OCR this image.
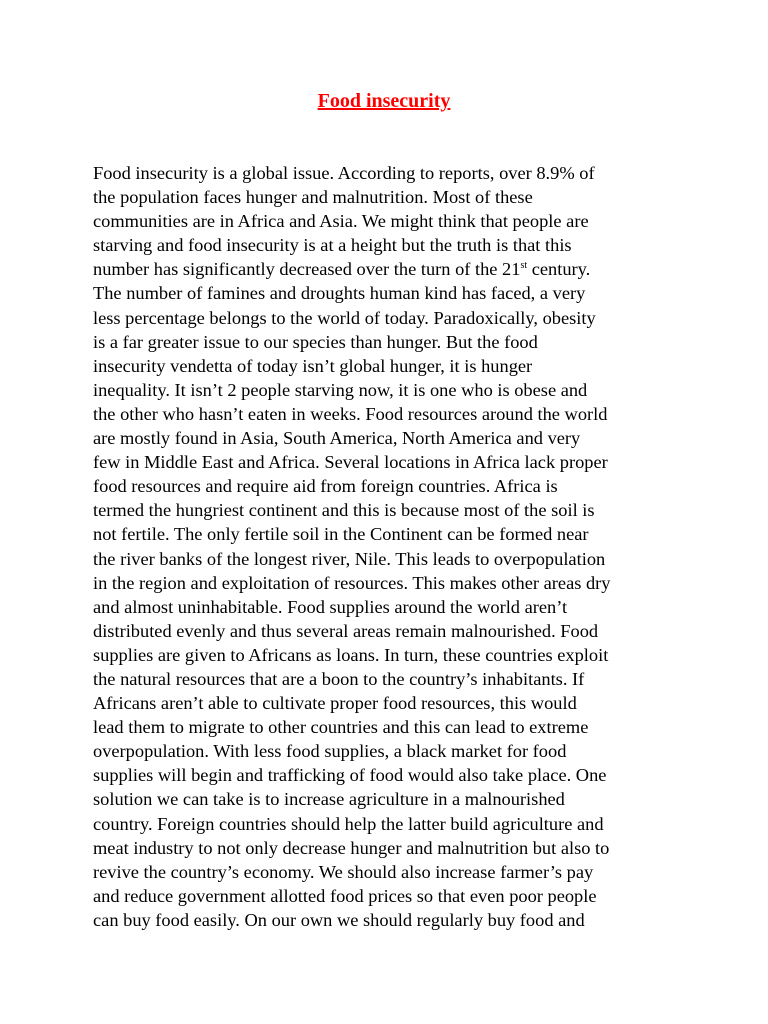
Food insecurity
Food insecurity is a global issue. According to reports, over 8.9% of
the population faces hunger and malnutrition. Most of these
communities are in Africa and Asia. We might think that people are
starving and food insecurity is at a height but the truth is that this
number has significantly decreased over the turn of the 21st century.
The number of famines and droughts human kind has faced, a very
less percentage belongs to the world of today. Paradoxically, obesity
is a far greater issue to our species than hunger. But the food
insecurity vendetta of today isn’t global hunger, it is hunger
inequality. It isn’t 2 people starving now, it is one who is obese and
the other who hasn’t eaten in weeks. Food resources around the world
are mostly found in Asia, South America, North America and very
few in Middle East and Africa. Several locations in Africa lack proper
food resources and require aid from foreign countries. Africa is
termed the hungriest continent and this is because most of the soil is
not fertile. The only fertile soil in the Continent can be formed near
the river banks of the longest river, Nile. This leads to overpopulation
in the region and exploitation of resources. This makes other areas dry
and almost uninhabitable. Food supplies around the world aren’t
distributed evenly and thus several areas remain malnourished. Food
supplies are given to Africans as loans. In turn, these countries exploit
the natural resources that are a boon to the country’s inhabitants. If
Africans aren’t able to cultivate proper food resources, this would
lead them to migrate to other countries and this can lead to extreme
overpopulation. With less food supplies, a black market for food
supplies will begin and trafficking of food would also take place. One
solution we can take is to increase agriculture in a malnourished
country. Foreign countries should help the latter build agriculture and
meat industry to not only decrease hunger and malnutrition but also to
revive the country’s economy. We should also increase farmer’s pay
and reduce government allotted food prices so that even poor people
can buy food easily. On our own we should regularly buy food and
